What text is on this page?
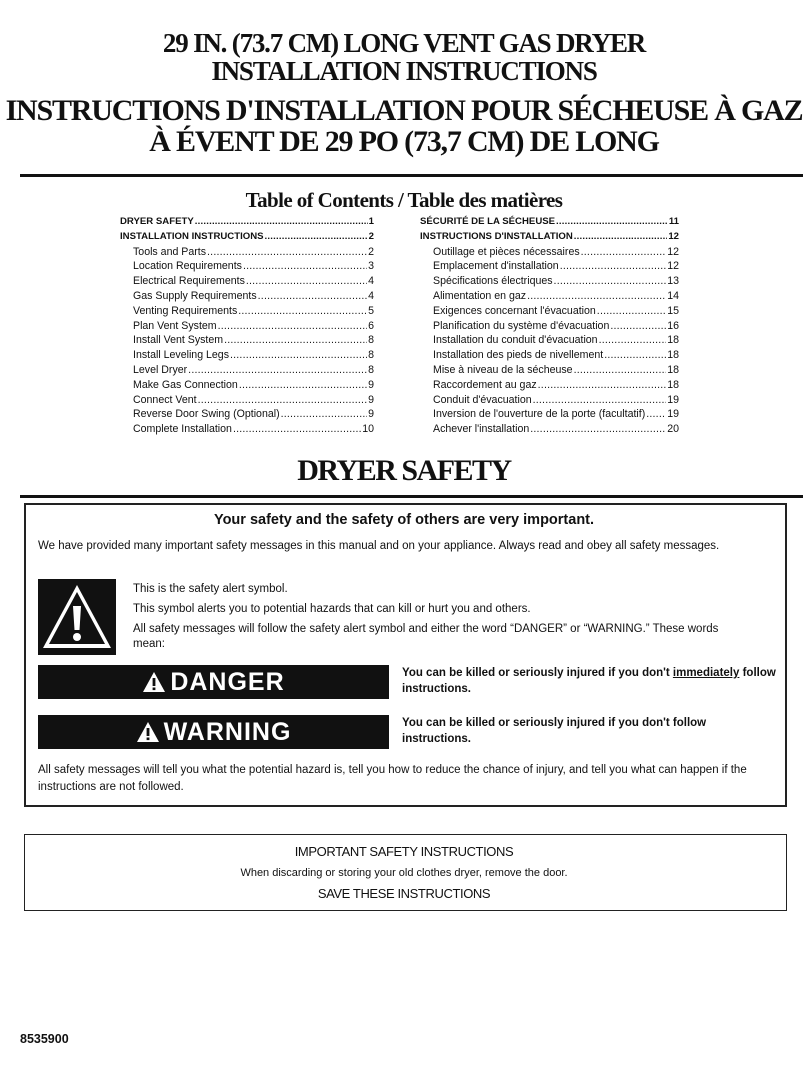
29 IN. (73.7 CM) LONG VENT GAS DRYER
INSTALLATION INSTRUCTIONS
INSTRUCTIONS D'INSTALLATION POUR SÉCHEUSE À GAZ
À ÉVENT DE 29 PO (73,7 CM) DE LONG
Table of Contents / Table des matières
DRYER SAFETY .....	1
INSTALLATION INSTRUCTIONS .....	2
Tools and Parts .....	2
Location Requirements .....	3
Electrical Requirements .....	4
Gas Supply Requirements .....	4
Venting Requirements .....	5
Plan Vent System .....	6
Install Vent System .....	8
Install Leveling Legs .....	8
Level Dryer .....	8
Make Gas Connection .....	9
Connect Vent .....	9
Reverse Door Swing (Optional) .....	9
Complete Installation .....	10
SÉCURITÉ DE LA SÉCHEUSE .....	11
INSTRUCTIONS D'INSTALLATION .....	12
Outillage et pièces nécessaires .....	12
Emplacement d'installation .....	12
Spécifications électriques .....	13
Alimentation en gaz .....	14
Exigences concernant l'évacuation .....	15
Planification du système d'évacuation .....	16
Installation du conduit d'évacuation .....	18
Installation des pieds de nivellement .....	18
Mise à niveau de la sécheuse .....	18
Raccordement au gaz .....	18
Conduit d'évacuation .....	19
Inversion de l'ouverture de la porte (facultatif) ..... 19
Achever l'installation .....	20
DRYER SAFETY
Your safety and the safety of others are very important.

We have provided many important safety messages in this manual and on your appliance. Always read and obey all safety messages.

This is the safety alert symbol.

This symbol alerts you to potential hazards that can kill or hurt you and others.

All safety messages will follow the safety alert symbol and either the word “DANGER” or “WARNING.” These words mean:

DANGER	You can be killed or seriously injured if you don't immediately follow instructions.
WARNING	You can be killed or seriously injured if you don't follow instructions.

All safety messages will tell you what the potential hazard is, tell you how to reduce the chance of injury, and tell you what can happen if the instructions are not followed.

IMPORTANT SAFETY INSTRUCTIONS
When discarding or storing your old clothes dryer, remove the door.
SAVE THESE INSTRUCTIONS
8535900
